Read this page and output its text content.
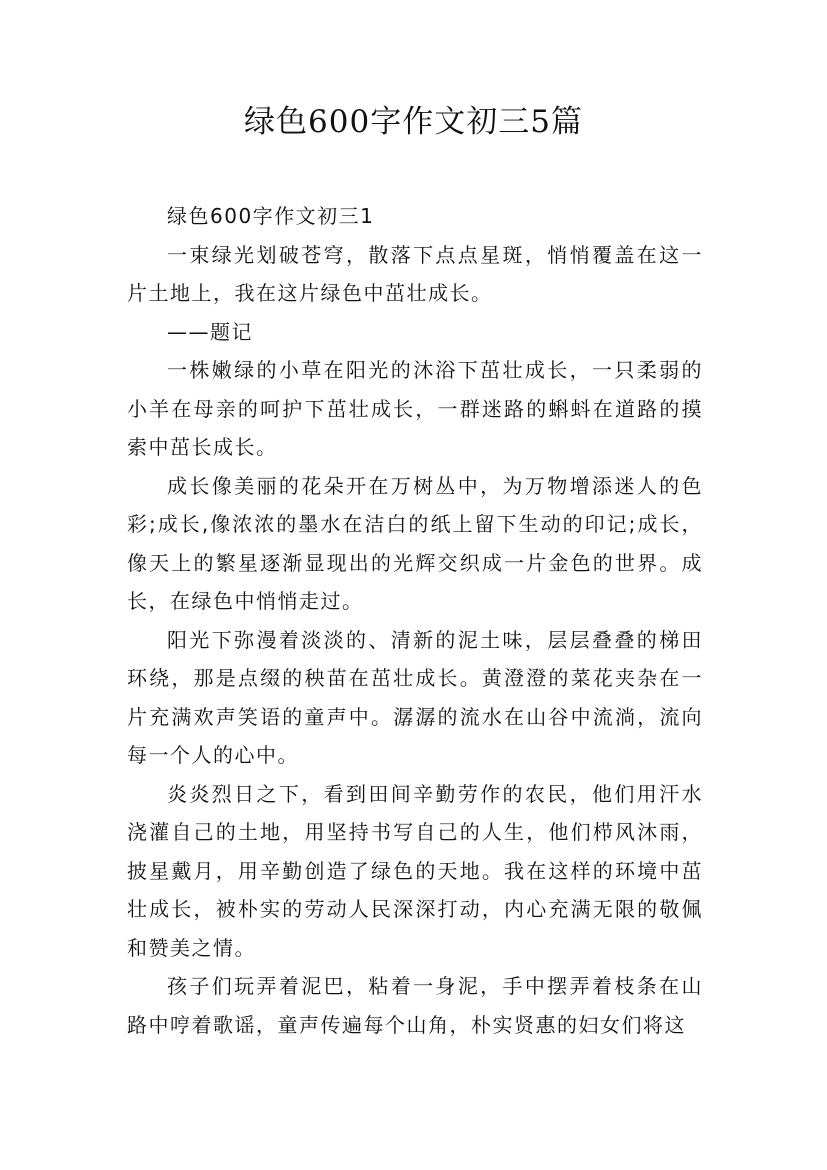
绿色600字作文初三5篇

绿色600字作文初三1

一束绿光划破苍穹，散落下点点星斑，悄悄覆盖在这一片土地上，我在这片绿色中茁壮成长。

——题记

一株嫩绿的小草在阳光的沐浴下茁壮成长，一只柔弱的小羊在母亲的呵护下茁壮成长，一群迷路的蝌蚪在道路的摸索中茁长成长。

成长像美丽的花朵开在万树丛中，为万物增添迷人的色彩;成长,像浓浓的墨水在洁白的纸上留下生动的印记;成长，像天上的繁星逐渐显现出的光辉交织成一片金色的世界。成长，在绿色中悄悄走过。

阳光下弥漫着淡淡的、清新的泥土味，层层叠叠的梯田环绕，那是点缀的秧苗在茁壮成长。黄澄澄的菜花夹杂在一片充满欢声笑语的童声中。潺潺的流水在山谷中流淌，流向每一个人的心中。

炎炎烈日之下，看到田间辛勤劳作的农民，他们用汗水浇灌自己的土地，用坚持书写自己的人生，他们栉风沐雨，披星戴月，用辛勤创造了绿色的天地。我在这样的环境中茁壮成长，被朴实的劳动人民深深打动，内心充满无限的敬佩和赞美之情。

孩子们玩弄着泥巴，粘着一身泥，手中摆弄着枝条在山路中哼着歌谣，童声传遍每个山角，朴实贤惠的妇女们将这
